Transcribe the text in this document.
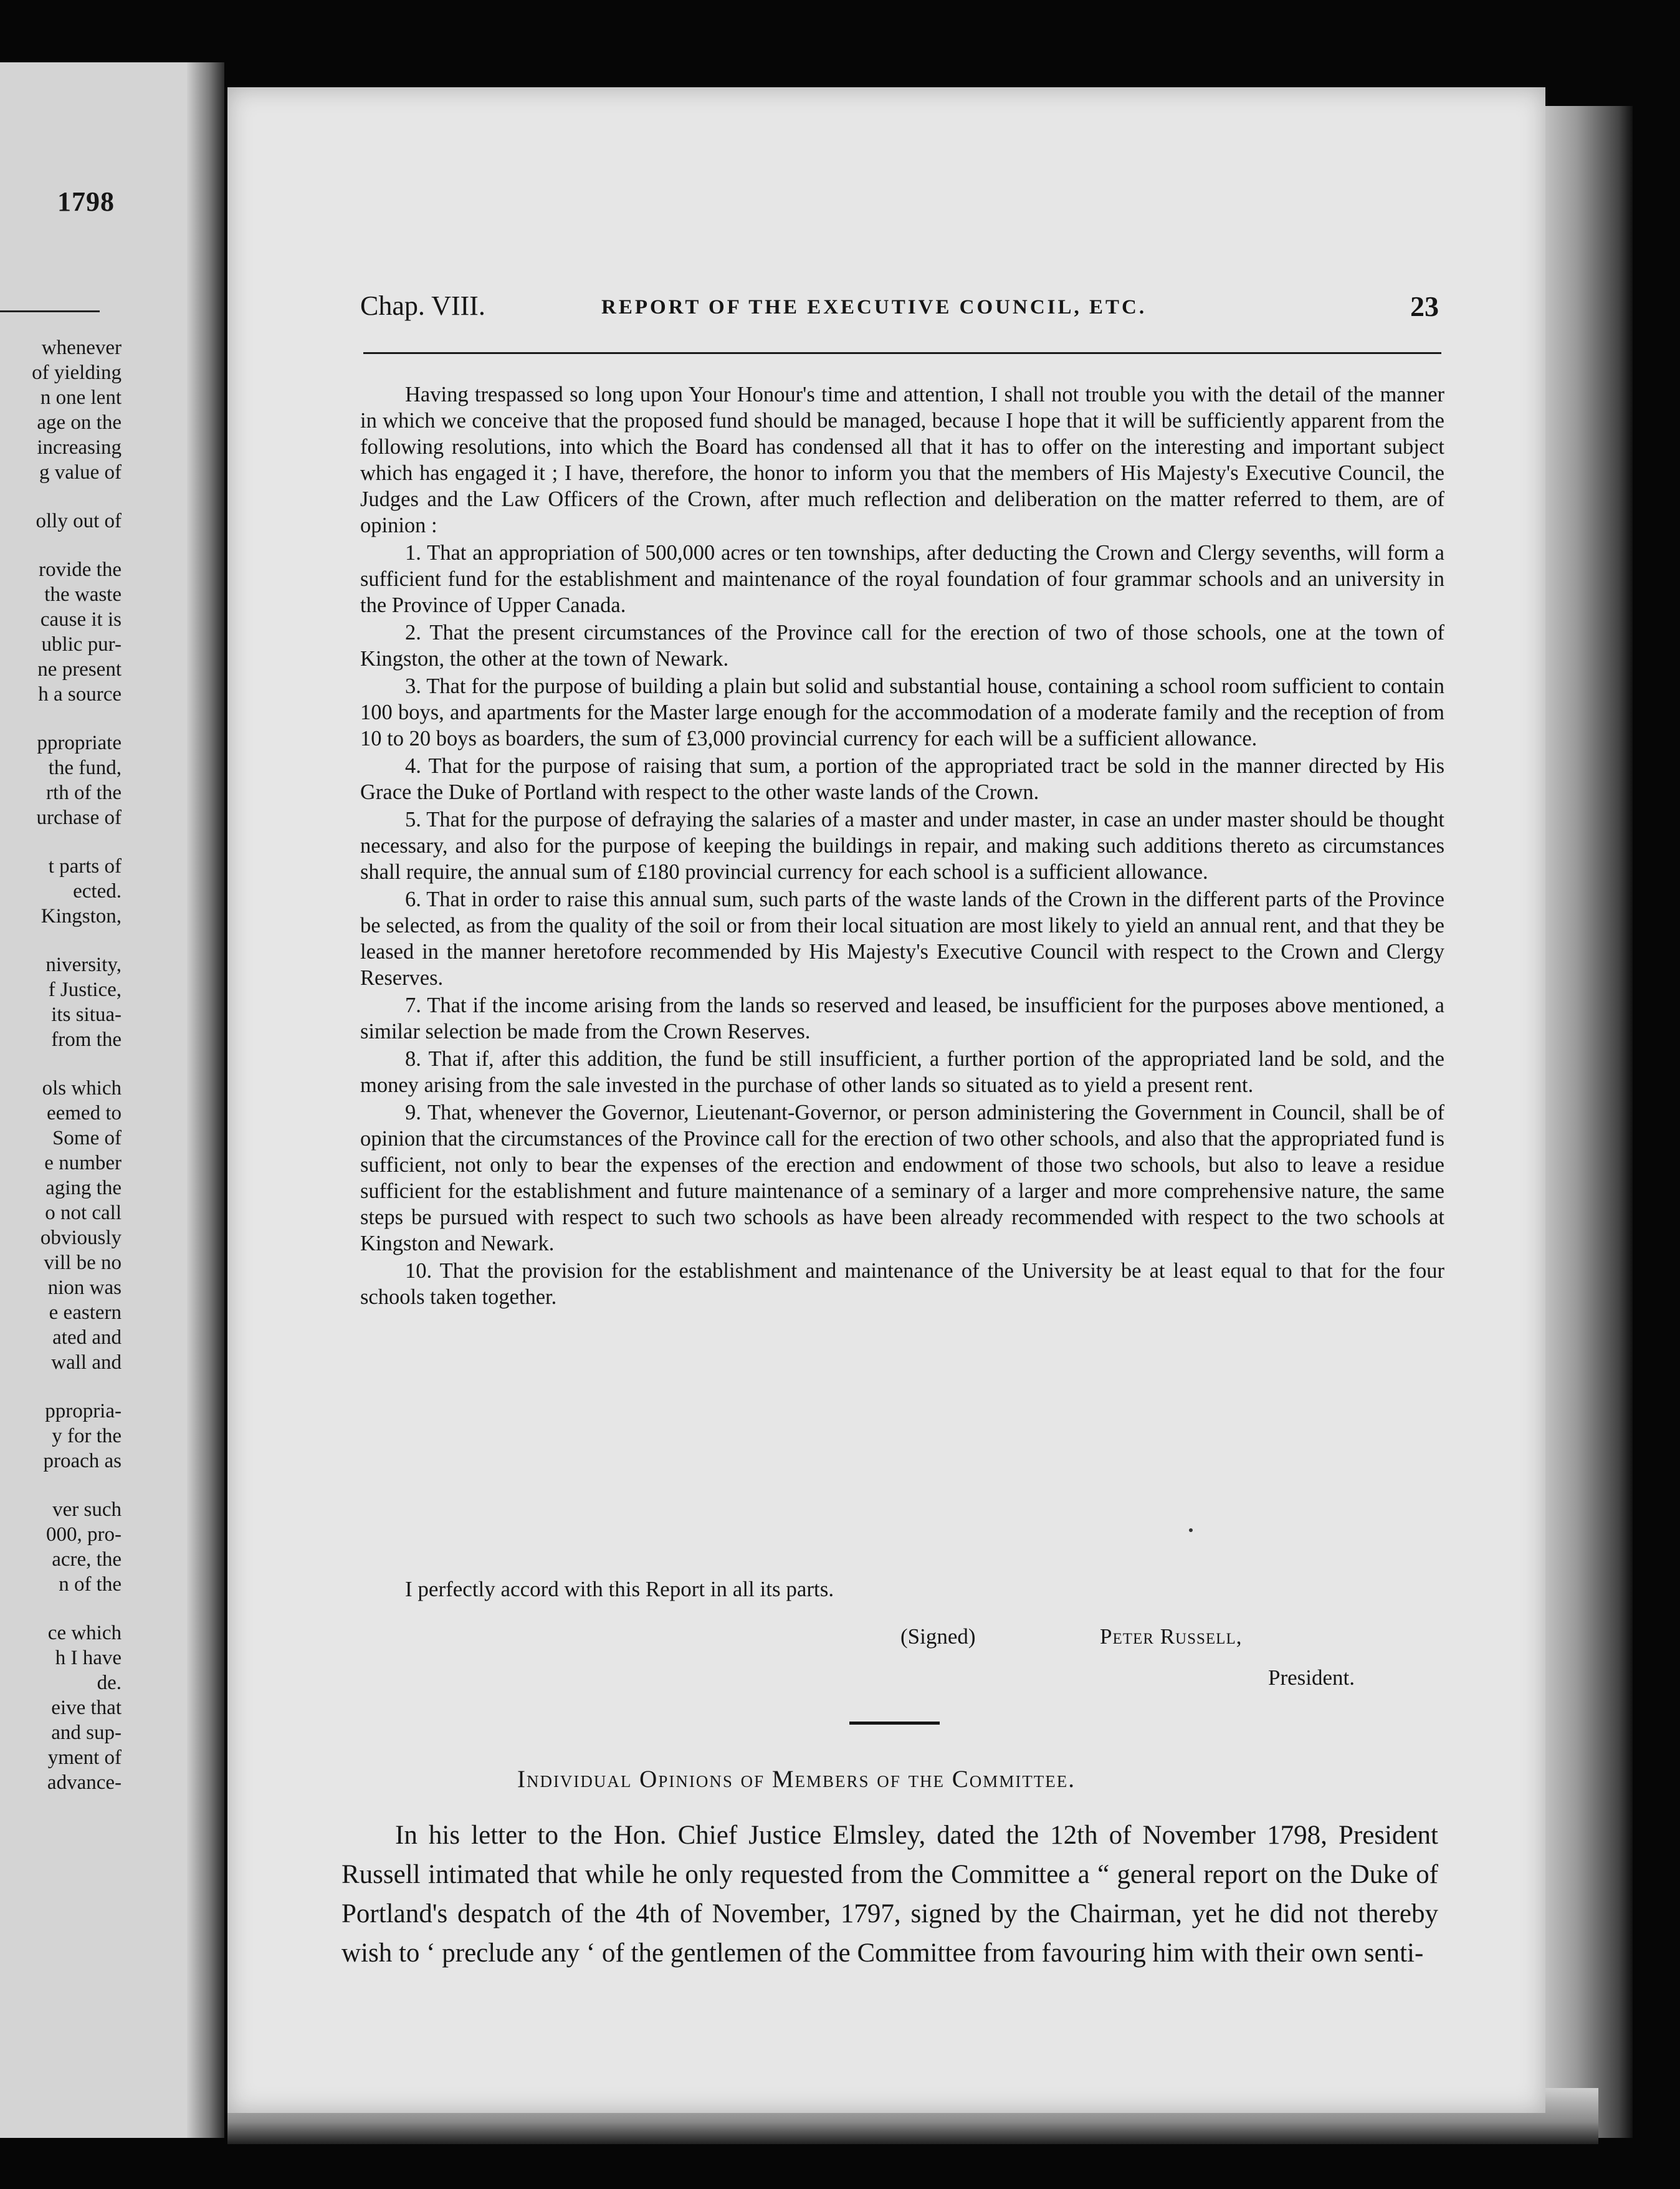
1798
whenever
of yielding
n one lent
age on the
increasing
g value of
olly out of
rovide the
the waste
cause it is
ublic pur-
ne present
h a source
ppropriate
the fund,
rth of the
urchase of
t parts of
ected.
Kingston,
niversity,
f Justice,
its situa-
from the
ols which
eemed to
Some of
e number
aging the
o not call
obviously
vill be no
nion was
e eastern
ated and
wall and
ppropria-
y for the
proach as
ver such
000, pro-
acre, the
n of the
ce which
h I have
de.
eive that
and sup-
yment of
advance-
Chap. VIII.	REPORT OF THE EXECUTIVE COUNCIL, ETC.	23

Having trespassed so long upon Your Honour's time and attention, I shall not trouble you with the detail of the manner in which we conceive that the proposed fund should be managed, because I hope that it will be sufficiently apparent from the following resolutions, into which the Board has condensed all that it has to offer on the interesting and important subject which has engaged it ; I have, therefore, the honor to inform you that the members of His Majesty's Executive Council, the Judges and the Law Officers of the Crown, after much reflection and deliberation on the matter referred to them, are of opinion :

1. That an appropriation of 500,000 acres or ten townships, after deducting the Crown and Clergy sevenths, will form a sufficient fund for the establishment and maintenance of the royal foundation of four grammar schools and an university in the Province of Upper Canada.

2. That the present circumstances of the Province call for the erection of two of those schools, one at the town of Kingston, the other at the town of Newark.

3. That for the purpose of building a plain but solid and substantial house, containing a school room sufficient to contain 100 boys, and apartments for the Master large enough for the accommodation of a moderate family and the reception of from 10 to 20 boys as boarders, the sum of £3,000 provincial currency for each will be a sufficient allowance.

4. That for the purpose of raising that sum, a portion of the appropriated tract be sold in the manner directed by His Grace the Duke of Portland with respect to the other waste lands of the Crown.

5. That for the purpose of defraying the salaries of a master and under master, in case an under master should be thought necessary, and also for the purpose of keeping the buildings in repair, and making such additions thereto as circumstances shall require, the annual sum of £180 provincial currency for each school is a sufficient allowance.

6. That in order to raise this annual sum, such parts of the waste lands of the Crown in the different parts of the Province be selected, as from the quality of the soil or from their local situation are most likely to yield an annual rent, and that they be leased in the manner heretofore recommended by His Majesty's Executive Council with respect to the Crown and Clergy Reserves.

7. That if the income arising from the lands so reserved and leased, be insufficient for the purposes above mentioned, a similar selection be made from the Crown Reserves.

8. That if, after this addition, the fund be still insufficient, a further portion of the appropriated land be sold, and the money arising from the sale invested in the purchase of other lands so situated as to yield a present rent.

9. That, whenever the Governor, Lieutenant-Governor, or person administering the Government in Council, shall be of opinion that the circumstances of the Province call for the erection of two other schools, and also that the appropriated fund is sufficient, not only to bear the expenses of the erection and endowment of those two schools, but also to leave a residue sufficient for the establishment and future maintenance of a seminary of a larger and more comprehensive nature, the same steps be pursued with respect to such two schools as have been already recommended with respect to the two schools at Kingston and Newark.

10. That the provision for the establishment and maintenance of the University be at least equal to that for the four schools taken together.

I perfectly accord with this Report in all its parts.
(Signed)	Peter Russell,
President.
Individual Opinions of Members of the Committee.

In his letter to the Hon. Chief Justice Elmsley, dated the 12th of November 1798, President Russell intimated that while he only requested from the Committee a “ general report on the Duke of Portland's despatch of the 4th of November, 1797, signed by the Chairman, yet he did not thereby wish to ‘ preclude any ‘ of the gentlemen of the Committee from favouring him with their own senti-
